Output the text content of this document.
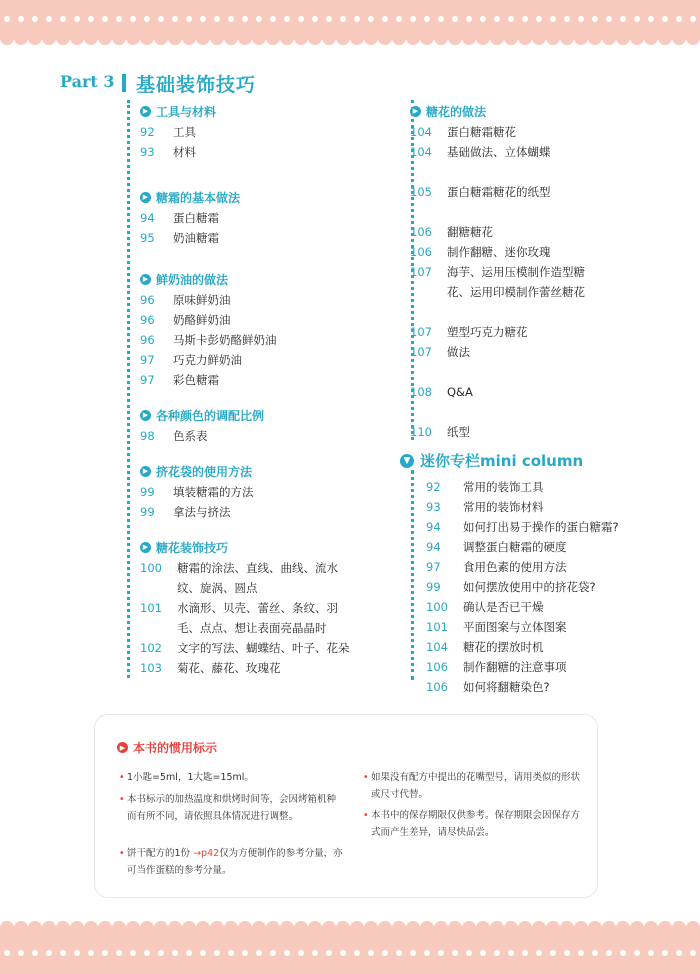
Part 3 基础装饰技巧
▶ 工具与材料
92	工具
93	材料
▶ 糖霜的基本做法
94	蛋白糖霜
95	奶油糖霜
▶ 鲜奶油的做法
96	原味鲜奶油
96	奶酪鲜奶油
96	马斯卡彭奶酪鲜奶油
97	巧克力鲜奶油
97	彩色糖霜
▶ 各种颜色的调配比例
98	色系表
▶ 挤花袋的使用方法
99	填装糖霜的方法
99	拿法与挤法
▶ 糖花装饰技巧
100	糖霜的涂法、直线、曲线、流水
纹、旋涡、圆点
101	水滴形、贝壳、蕾丝、条纹、羽
毛、点点、想让表面亮晶晶时
102	文字的写法、蝴蝶结、叶子、花朵
103	菊花、藤花、玫瑰花
▶ 糖花的做法
104	蛋白糖霜糖花
104	基础做法、立体蝴蝶
105	蛋白糖霜糖花的纸型
106	翻糖糖花
106	制作翻糖、迷你玫瑰
107	海芋、运用压模制作造型糖
花、运用印模制作蕾丝糖花
107	塑型巧克力糖花
107	做法
108	Q&A
110	纸型
▼ 迷你专栏mini column
92	常用的装饰工具
93	常用的装饰材料
94	如何打出易于操作的蛋白糖霜?
94	调整蛋白糖霜的硬度
97	食用色素的使用方法
99	如何摆放使用中的挤花袋?
100	确认是否已干燥
101	平面图案与立体图案
104	糖花的摆放时机
106	制作翻糖的注意事项
106	如何将翻糖染色?
▶ 本书的惯用标示
• 1小匙=5ml，1大匙=15ml。
• 本书标示的加热温度和烘烤时间等，会因烤箱机种而有所不同，请依照具体情况进行调整。
• 饼干配方的1份 →p42仅为方便制作的参考分量，亦可当作蛋糕的参考分量。
• 如果没有配方中提出的花嘴型号，请用类似的形状或尺寸代替。
• 本书中的保存期限仅供参考。保存期限会因保存方式而产生差异，请尽快品尝。
